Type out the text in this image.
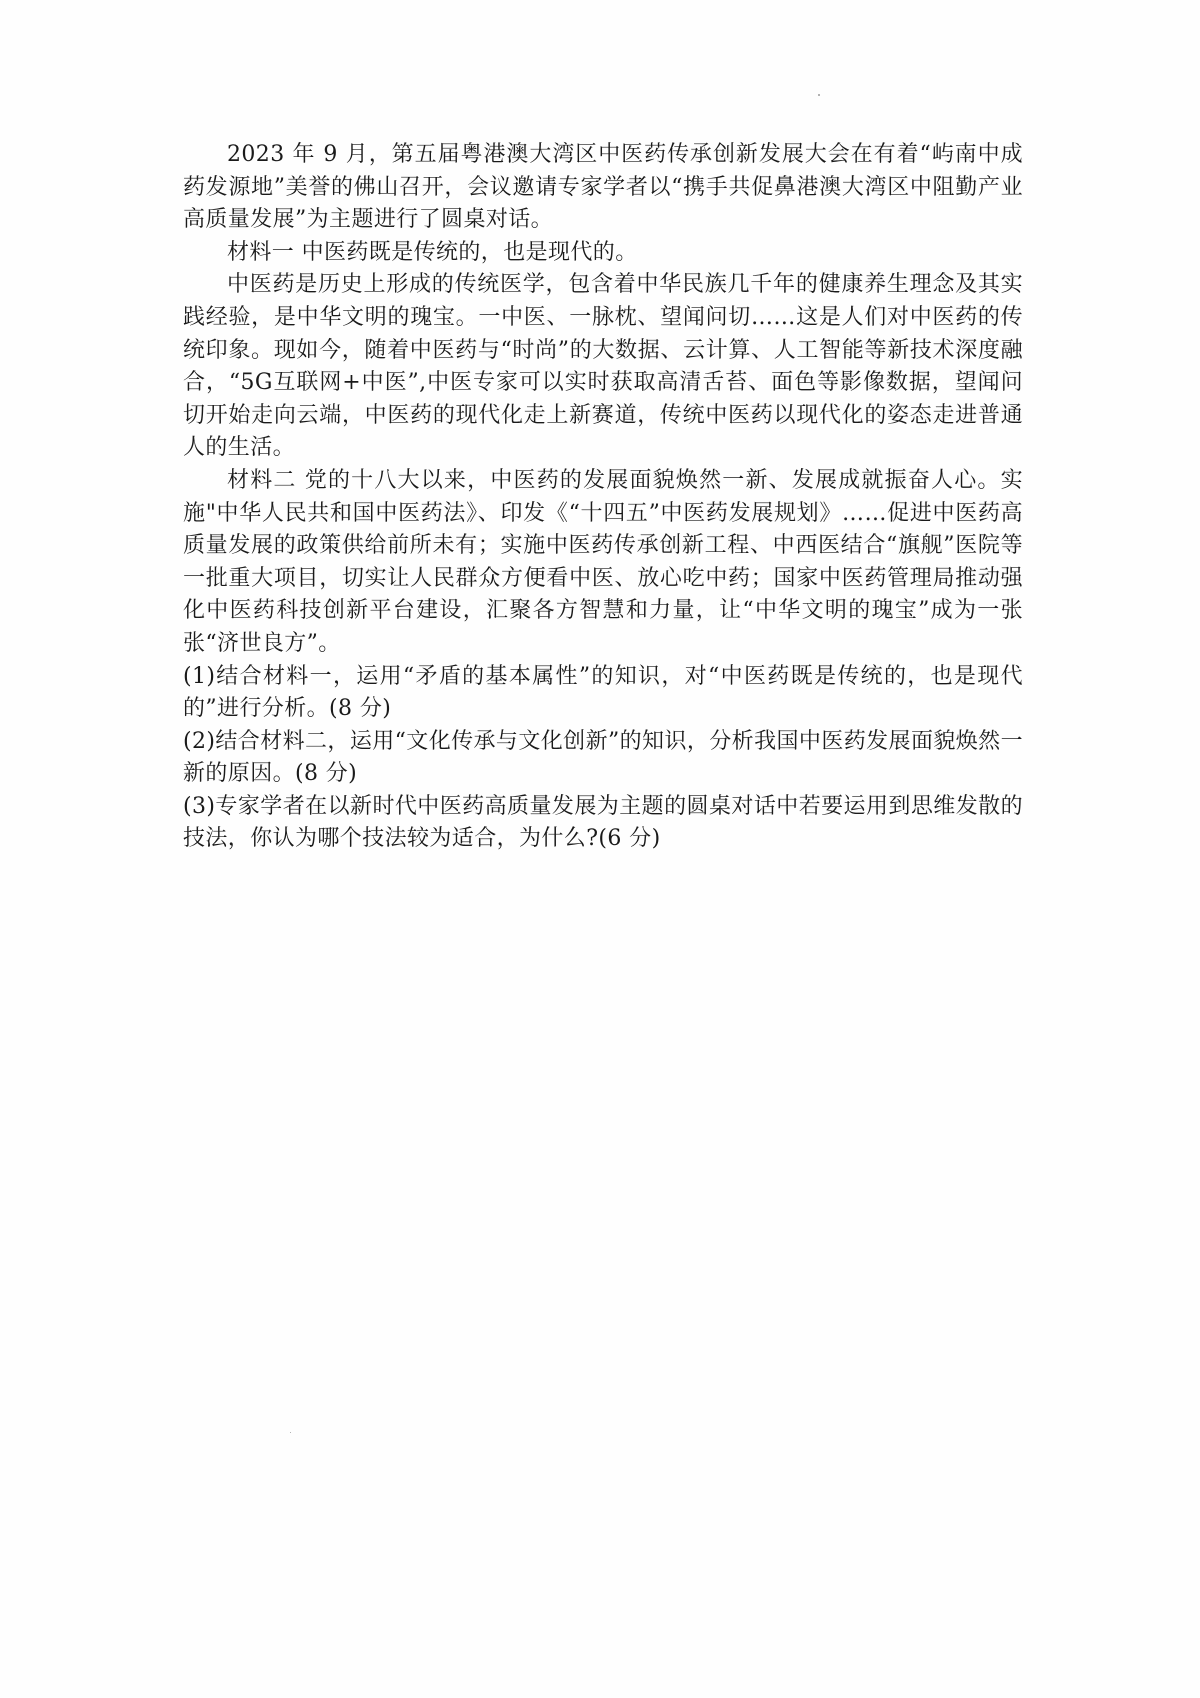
2023 年 9 月，第五届粤港澳大湾区中医药传承创新发展大会在有着“屿南中成药发源地”美誉的佛山召开，会议邀请专家学者以“携手共促鼻港澳大湾区中阻勤产业高质量发展”为主题进行了圆桌对话。

材料一 中医药既是传统的，也是现代的。

中医药是历史上形成的传统医学，包含着中华民族几千年的健康养生理念及其实践经验，是中华文明的瑰宝。一中医、一脉枕、望闻问切……这是人们对中医药的传统印象。现如今，随着中医药与“时尚”的大数据、云计算、人工智能等新技术深度融合，“5G互联网+中医”,中医专家可以实时获取高清舌苔、面色等影像数据，望闻问切开始走向云端，中医药的现代化走上新赛道，传统中医药以现代化的姿态走进普通人的生活。

材料二 党的十八大以来，中医药的发展面貌焕然一新、发展成就振奋人心。实施"中华人民共和国中医药法》、印发《“十四五”中医药发展规划》……促进中医药高质量发展的政策供给前所未有；实施中医药传承创新工程、中西医结合“旗舰”医院等一批重大项目，切实让人民群众方便看中医、放心吃中药；国家中医药管理局推动强化中医药科技创新平台建设，汇聚各方智慧和力量，让“中华文明的瑰宝”成为一张张“济世良方”。

(1)结合材料一，运用“矛盾的基本属性”的知识，对“中医药既是传统的，也是现代的”进行分析。(8 分)

(2)结合材料二，运用“文化传承与文化创新”的知识，分析我国中医药发展面貌焕然一新的原因。(8 分)

(3)专家学者在以新时代中医药高质量发展为主题的圆桌对话中若要运用到思维发散的技法，你认为哪个技法较为适合，为什么?(6 分)
